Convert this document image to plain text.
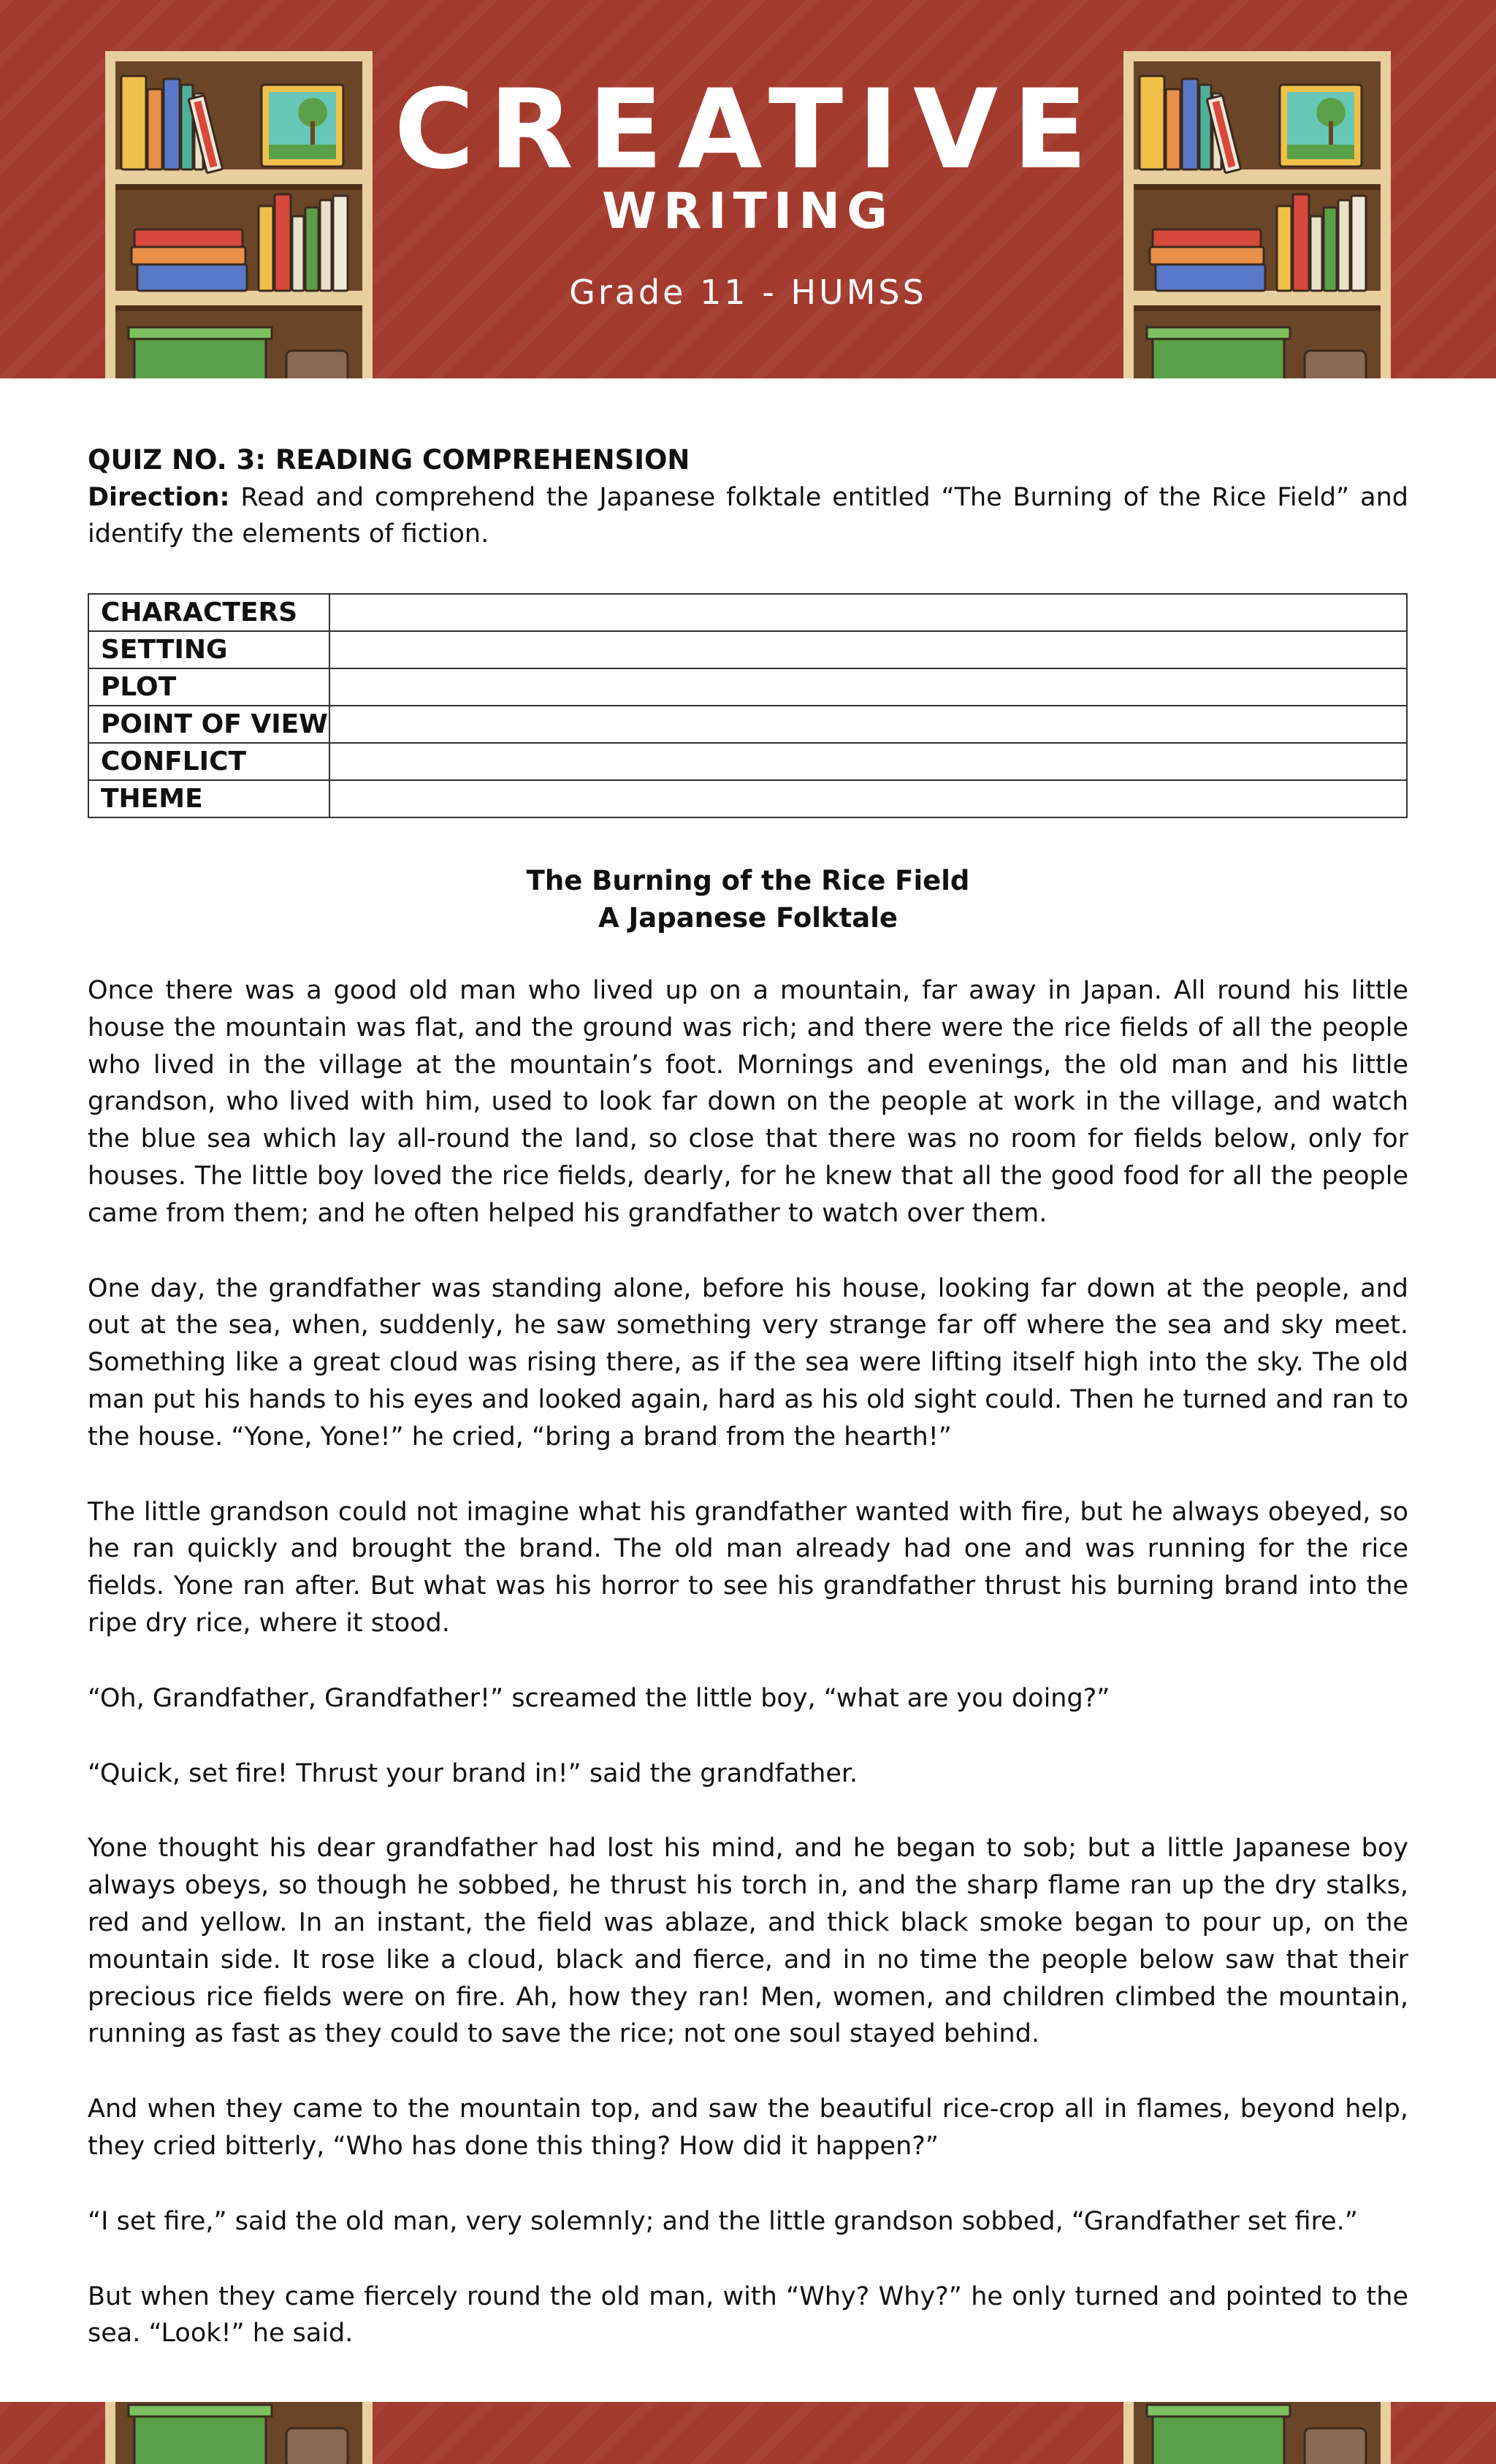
CREATIVE
WRITING
Grade 11 - HUMSS

QUIZ NO. 3: READING COMPREHENSION

Direction: Read and comprehend the Japanese folktale entitled “The Burning of the Rice Field” and identify the elements of fiction.

CHARACTERS	
SETTING	
PLOT	
POINT OF VIEW	
CONFLICT	
THEME	

The Burning of the Rice Field

A Japanese Folktale

Once there was a good old man who lived up on a mountain, far away in Japan. All round his little house the mountain was flat, and the ground was rich; and there were the rice fields of all the people who lived in the village at the mountain’s foot. Mornings and evenings, the old man and his little grandson, who lived with him, used to look far down on the people at work in the village, and watch the blue sea which lay all-round the land, so close that there was no room for fields below, only for houses. The little boy loved the rice fields, dearly, for he knew that all the good food for all the people came from them; and he often helped his grandfather to watch over them.

One day, the grandfather was standing alone, before his house, looking far down at the people, and out at the sea, when, suddenly, he saw something very strange far off where the sea and sky meet. Something like a great cloud was rising there, as if the sea were lifting itself high into the sky. The old man put his hands to his eyes and looked again, hard as his old sight could. Then he turned and ran to the house. “Yone, Yone!” he cried, “bring a brand from the hearth!”

The little grandson could not imagine what his grandfather wanted with fire, but he always obeyed, so he ran quickly and brought the brand. The old man already had one and was running for the rice fields. Yone ran after. But what was his horror to see his grandfather thrust his burning brand into the ripe dry rice, where it stood.

“Oh, Grandfather, Grandfather!” screamed the little boy, “what are you doing?”

“Quick, set fire! Thrust your brand in!” said the grandfather.

Yone thought his dear grandfather had lost his mind, and he began to sob; but a little Japanese boy always obeys, so though he sobbed, he thrust his torch in, and the sharp flame ran up the dry stalks, red and yellow. In an instant, the field was ablaze, and thick black smoke began to pour up, on the mountain side. It rose like a cloud, black and fierce, and in no time the people below saw that their precious rice fields were on fire. Ah, how they ran! Men, women, and children climbed the mountain, running as fast as they could to save the rice; not one soul stayed behind.

And when they came to the mountain top, and saw the beautiful rice-crop all in flames, beyond help, they cried bitterly, “Who has done this thing? How did it happen?”

“I set fire,” said the old man, very solemnly; and the little grandson sobbed, “Grandfather set fire.”

But when they came fiercely round the old man, with “Why? Why?” he only turned and pointed to the sea. “Look!” he said.
